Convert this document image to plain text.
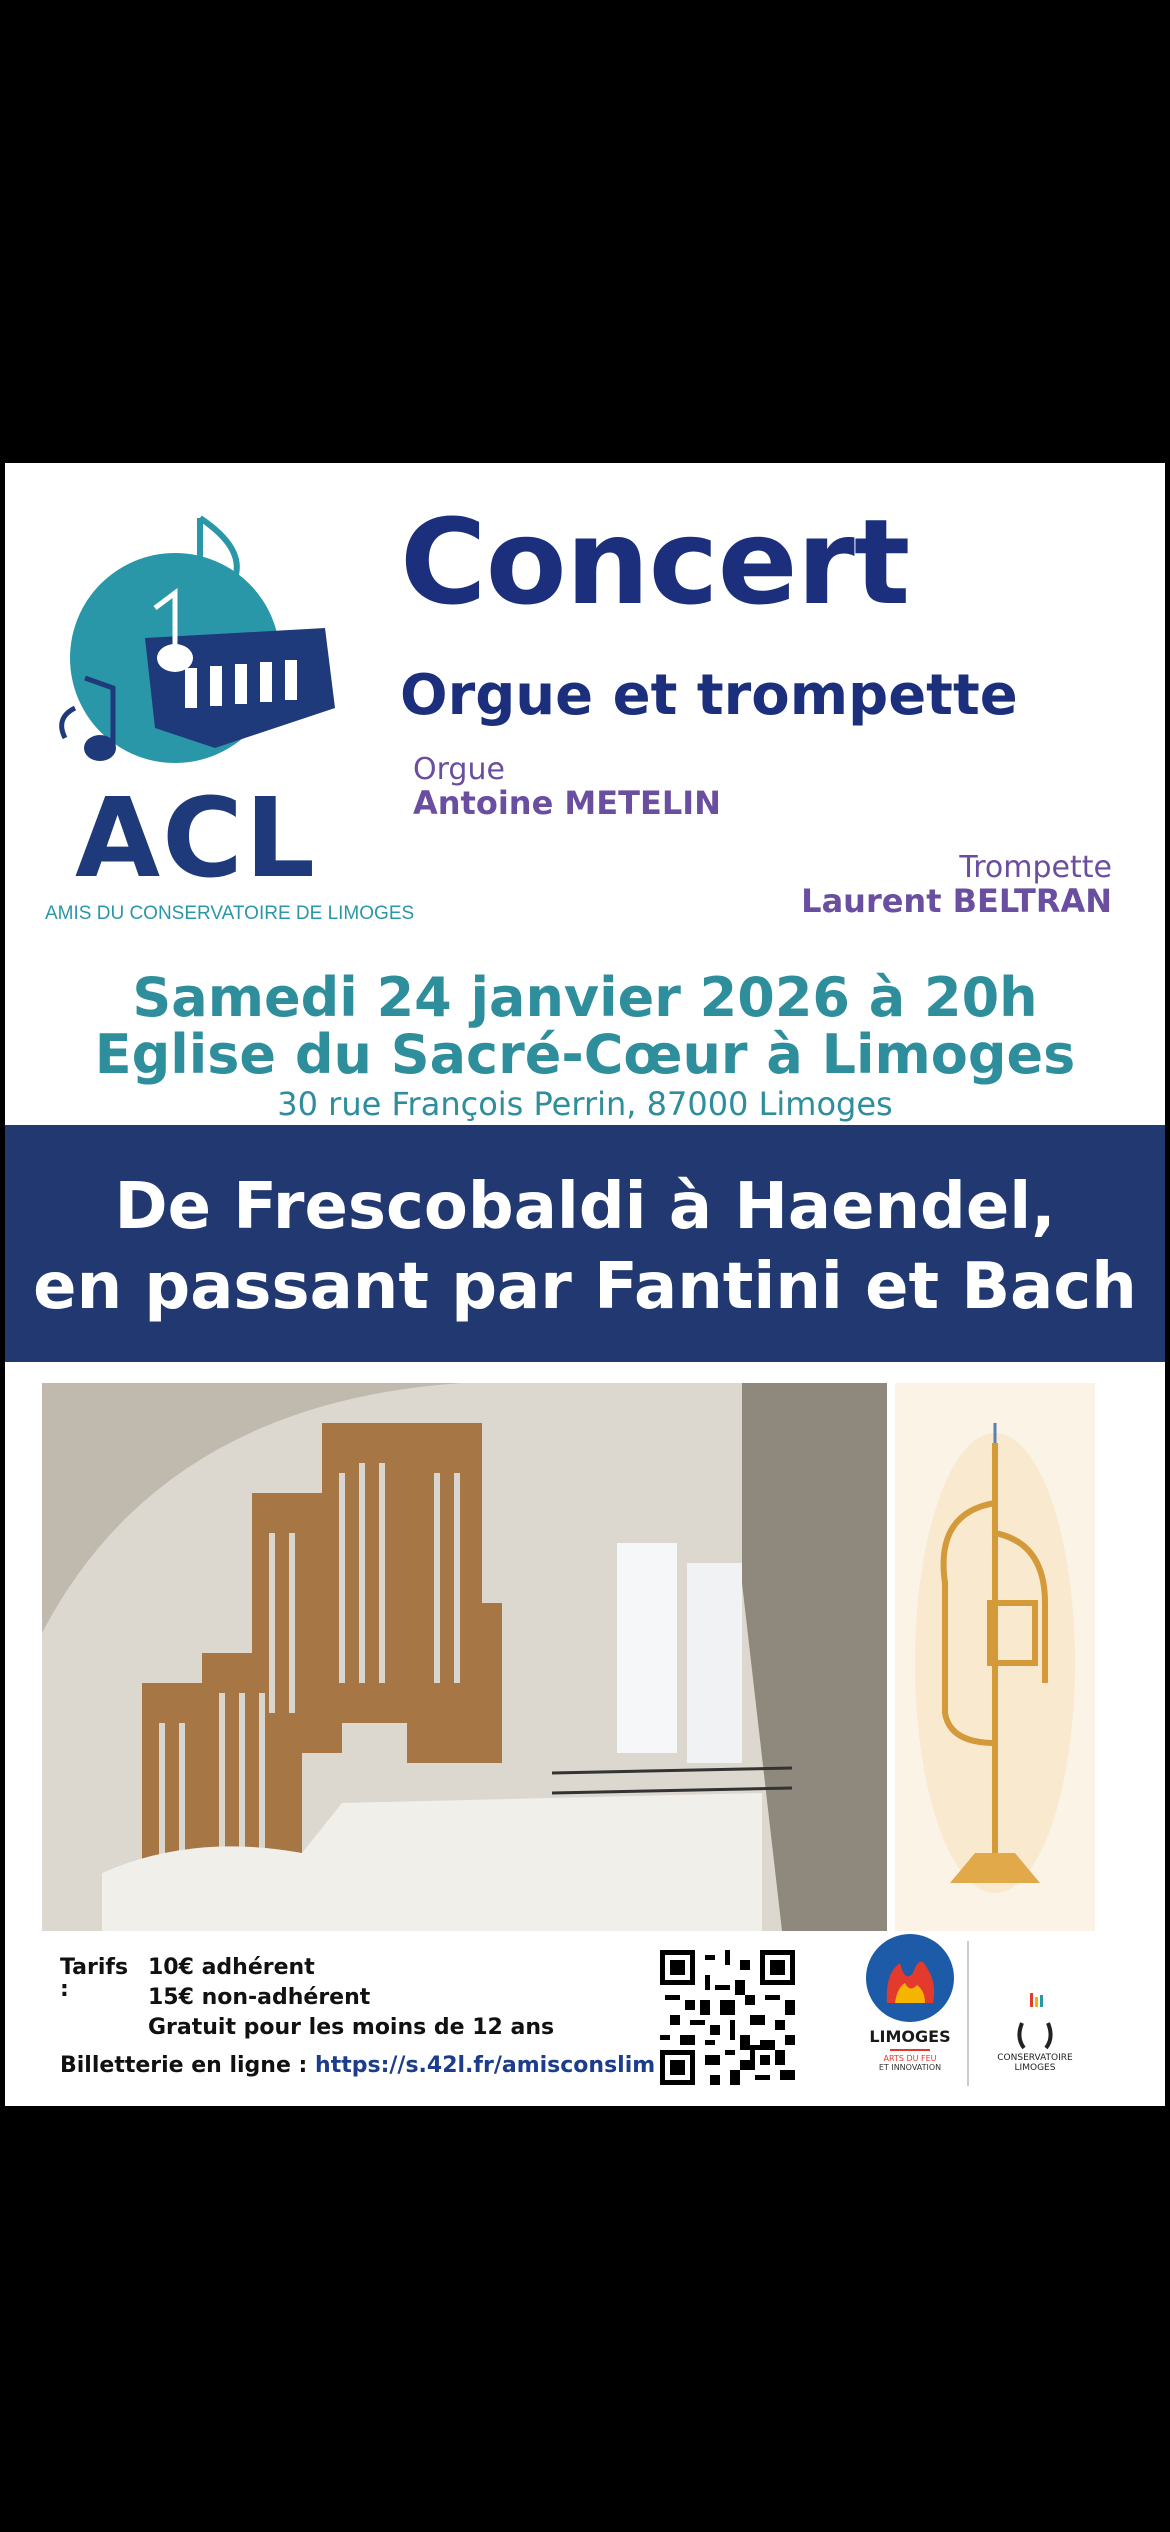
ACL
AMIS DU CONSERVATOIRE DE LIMOGES
Concert
Orgue et trompette
Orgue
Antoine METELIN
Trompette
Laurent BELTRAN
Samedi 24 janvier 2026 à 20h
Eglise du Sacré-Cœur à Limoges
30 rue François Perrin, 87000 Limoges
De Frescobaldi à Haendel,
en passant par Fantini et Bach
Tarifs :
10€ adhérent
15€ non-adhérent
Gratuit pour les moins de 12 ans
Billetterie en ligne : https://s.42l.fr/amisconslim
LIMOGES
ARTS DU FEU
ET INNOVATION
CONSERVATOIRE
LIMOGES
